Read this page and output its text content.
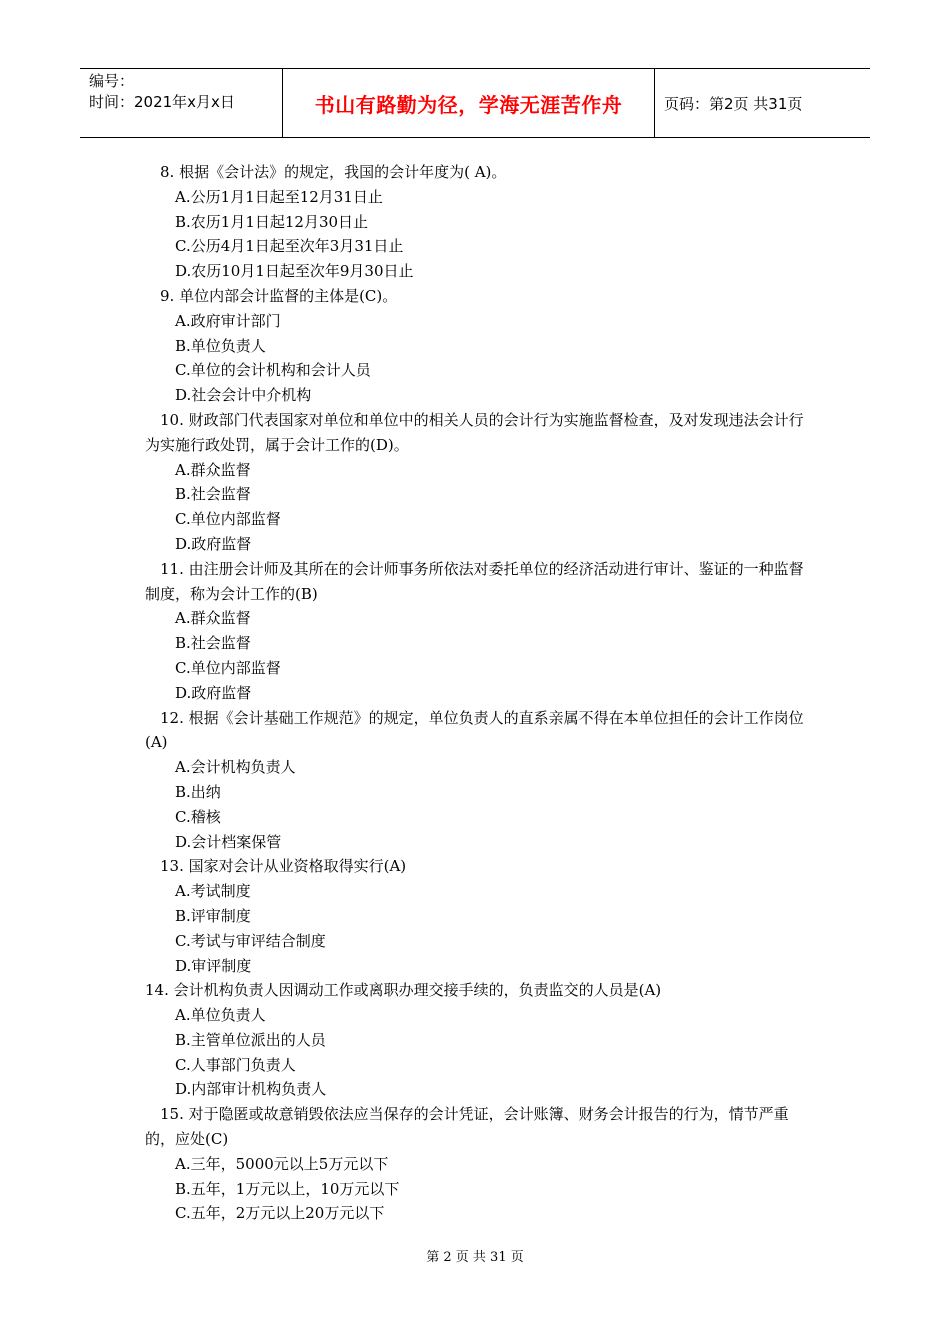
编号：
时间：2021年x月x日	书山有路勤为径，学海无涯苦作舟	页码：第2页 共31页
8. 根据《会计法》的规定，我国的会计年度为( A)。
A.公历1月1日起至12月31日止
B.农历1月1日起12月30日止
C.公历4月1日起至次年3月31日止
D.农历10月1日起至次年9月30日止
9. 单位内部会计监督的主体是(C)。
A.政府审计部门
B.单位负责人
C.单位的会计机构和会计人员
D.社会会计中介机构
10. 财政部门代表国家对单位和单位中的相关人员的会计行为实施监督检查，及对发现违法会计行为实施行政处罚，属于会计工作的(D)。
A.群众监督
B.社会监督
C.单位内部监督
D.政府监督
11. 由注册会计师及其所在的会计师事务所依法对委托单位的经济活动进行审计、鉴证的一种监督制度，称为会计工作的(B)
A.群众监督
B.社会监督
C.单位内部监督
D.政府监督
12. 根据《会计基础工作规范》的规定，单位负责人的直系亲属不得在本单位担任的会计工作岗位(A)
A.会计机构负责人
B.出纳
C.稽核
D.会计档案保管
13. 国家对会计从业资格取得实行(A)
A.考试制度
B.评审制度
C.考试与审评结合制度
D.审评制度
14. 会计机构负责人因调动工作或离职办理交接手续的，负责监交的人员是(A)
A.单位负责人
B.主管单位派出的人员
C.人事部门负责人
D.内部审计机构负责人
15. 对于隐匿或故意销毁依法应当保存的会计凭证，会计账簿、财务会计报告的行为，情节严重的，应处(C)
A.三年，5000元以上5万元以下
B.五年，1万元以上，10万元以下
C.五年，2万元以上20万元以下
第 2 页 共 31 页
